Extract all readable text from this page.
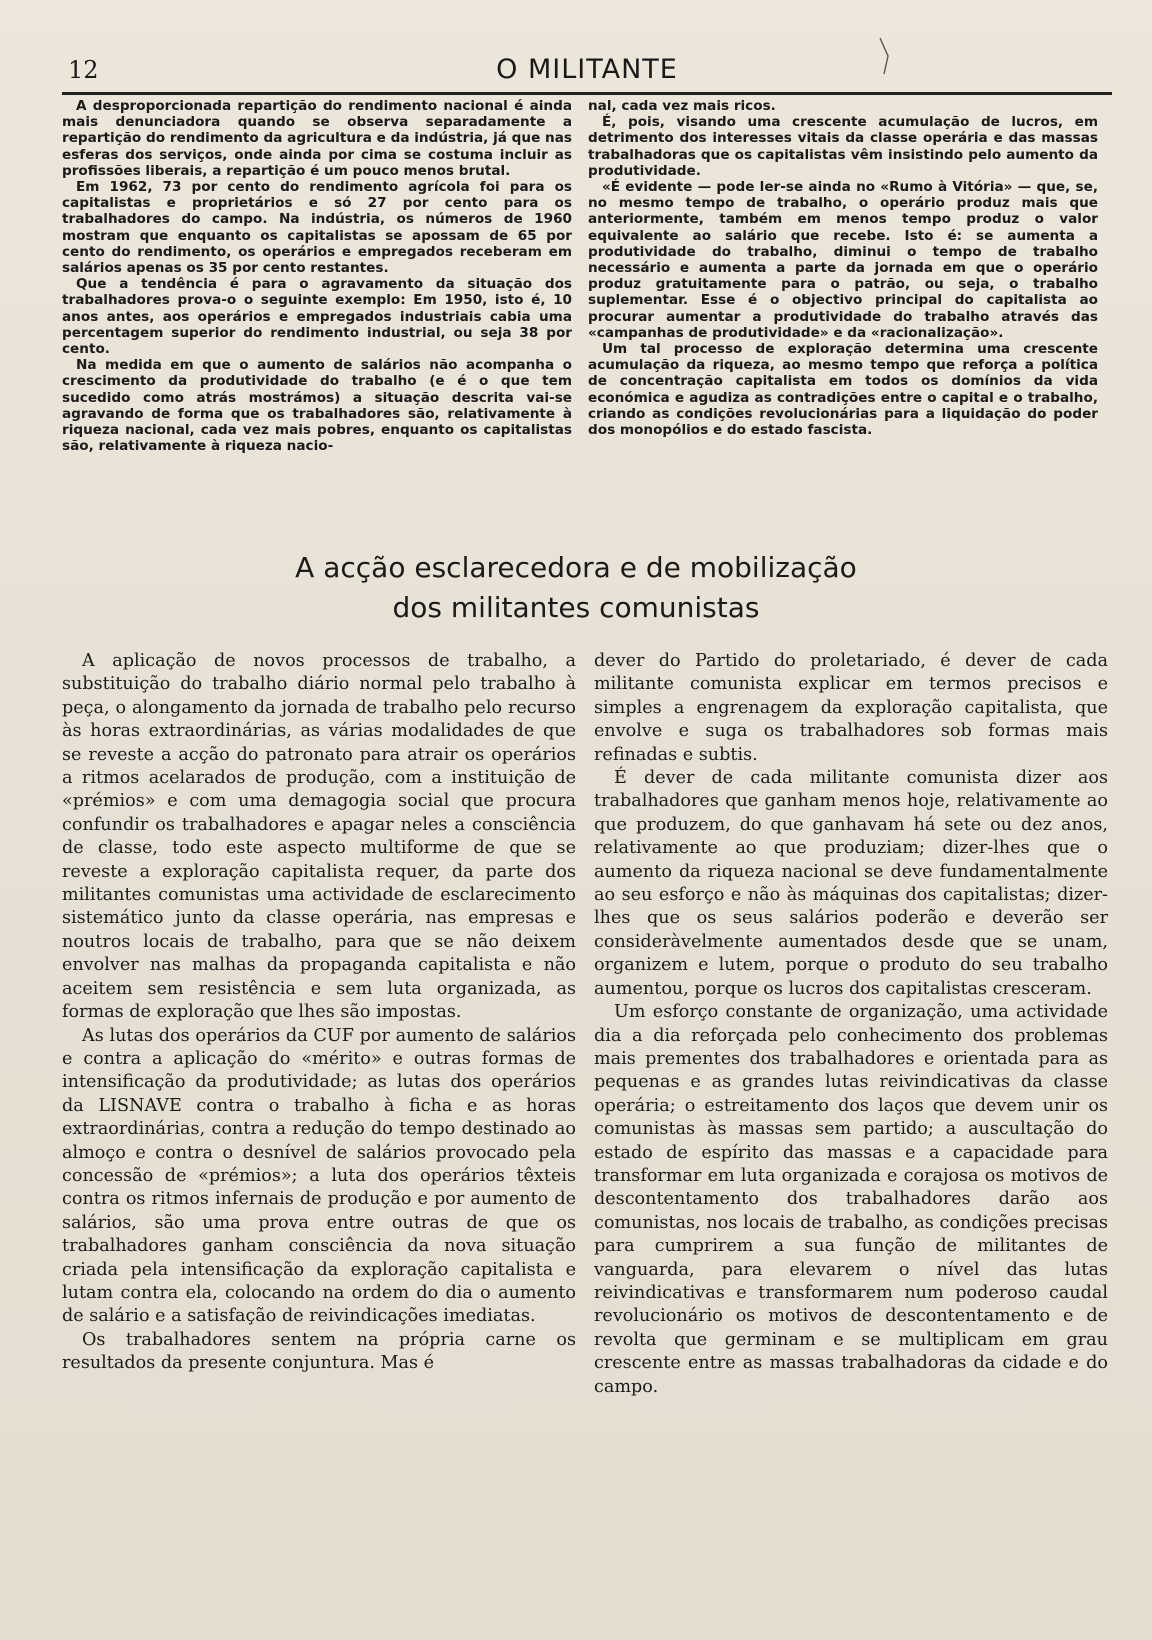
12	O MILITANTE

A desproporcionada repartição do rendimento nacional é ainda mais denunciadora quando se observa separadamente a repartição do rendimento da agricultura e da indústria, já que nas esferas dos serviços, onde ainda por cima se costuma incluir as profissões liberais, a repartição é um pouco menos brutal.

Em 1962, 73 por cento do rendimento agrícola foi para os capitalistas e proprietários e só 27 por cento para os trabalhadores do campo. Na indústria, os números de 1960 mostram que enquanto os capitalistas se apossam de 65 por cento do rendimento, os operários e empregados receberam em salários apenas os 35 por cento restantes.

Que a tendência é para o agravamento da situação dos trabalhadores prova-o o seguinte exemplo: Em 1950, isto é, 10 anos antes, aos operários e empregados industriais cabia uma percentagem superior do rendimento industrial, ou seja 38 por cento.

Na medida em que o aumento de salários não acompanha o crescimento da produtividade do trabalho (e é o que tem sucedido como atrás mostrámos) a situação descrita vai-se agravando de forma que os trabalhadores são, relativamente à riqueza nacional, cada vez mais pobres, enquanto os capitalistas são, relativamente à riqueza nacio-

nal, cada vez mais ricos.

É, pois, visando uma crescente acumulação de lucros, em detrimento dos interesses vitais da classe operária e das massas trabalhadoras que os capitalistas vêm insistindo pelo aumento da produtividade.

«É evidente — pode ler-se ainda no «Rumo à Vitória» — que, se, no mesmo tempo de trabalho, o operário produz mais que anteriormente, também em menos tempo produz o valor equivalente ao salário que recebe. Isto é: se aumenta a produtividade do trabalho, diminui o tempo de trabalho necessário e aumenta a parte da jornada em que o operário produz gratuitamente para o patrão, ou seja, o trabalho suplementar. Esse é o objectivo principal do capitalista ao procurar aumentar a produtividade do trabalho através das «campanhas de produtividade» e da «racionalização».

Um tal processo de exploração determina uma crescente acumulação da riqueza, ao mesmo tempo que reforça a política de concentração capitalista em todos os domínios da vida económica e agudiza as contradições entre o capital e o trabalho, criando as condições revolucionárias para a liquidação do poder dos monopólios e do estado fascista.

A acção esclarecedora e de mobilização
dos militantes comunistas

A aplicação de novos processos de trabalho, a substituição do trabalho diário normal pelo trabalho à peça, o alongamento da jornada de trabalho pelo recurso às horas extraordinárias, as várias modalidades de que se reveste a acção do patronato para atrair os operários a ritmos acelarados de produção, com a instituição de «prémios» e com uma demagogia social que procura confundir os trabalhadores e apagar neles a consciência de classe, todo este aspecto multiforme de que se reveste a exploração capitalista requer, da parte dos militantes comunistas uma actividade de esclarecimento sistemático junto da classe operária, nas empresas e noutros locais de trabalho, para que se não deixem envolver nas malhas da propaganda capitalista e não aceitem sem resistência e sem luta organizada, as formas de exploração que lhes são impostas.

As lutas dos operários da CUF por aumento de salários e contra a aplicação do «mérito» e outras formas de intensificação da produtividade; as lutas dos operários da LISNAVE contra o trabalho à ficha e as horas extraordinárias, contra a redução do tempo destinado ao almoço e contra o desnível de salários provocado pela concessão de «prémios»; a luta dos operários têxteis contra os ritmos infernais de produção e por aumento de salários, são uma prova entre outras de que os trabalhadores ganham consciência da nova situação criada pela intensificação da exploração capitalista e lutam contra ela, colocando na ordem do dia o aumento de salário e a satisfação de reivindicações imediatas.

Os trabalhadores sentem na própria carne os resultados da presente conjuntura. Mas é

dever do Partido do proletariado, é dever de cada militante comunista explicar em termos precisos e simples a engrenagem da exploração capitalista, que envolve e suga os trabalhadores sob formas mais refinadas e subtis.

É dever de cada militante comunista dizer aos trabalhadores que ganham menos hoje, relativamente ao que produzem, do que ganhavam há sete ou dez anos, relativamente ao que produziam; dizer-lhes que o aumento da riqueza nacional se deve fundamentalmente ao seu esforço e não às máquinas dos capitalistas; dizer-lhes que os seus salários poderão e deverão ser consideràvelmente aumentados desde que se unam, organizem e lutem, porque o produto do seu trabalho aumentou, porque os lucros dos capitalistas cresceram.

Um esforço constante de organização, uma actividade dia a dia reforçada pelo conhecimento dos problemas mais prementes dos trabalhadores e orientada para as pequenas e as grandes lutas reivindicativas da classe operária; o estreitamento dos laços que devem unir os comunistas às massas sem partido; a auscultação do estado de espírito das massas e a capacidade para transformar em luta organizada e corajosa os motivos de descontentamento dos trabalhadores darão aos comunistas, nos locais de trabalho, as condições precisas para cumprirem a sua função de militantes de vanguarda, para elevarem o nível das lutas reivindicativas e transformarem num poderoso caudal revolucionário os motivos de descontentamento e de revolta que germinam e se multiplicam em grau crescente entre as massas trabalhadoras da cidade e do campo.
